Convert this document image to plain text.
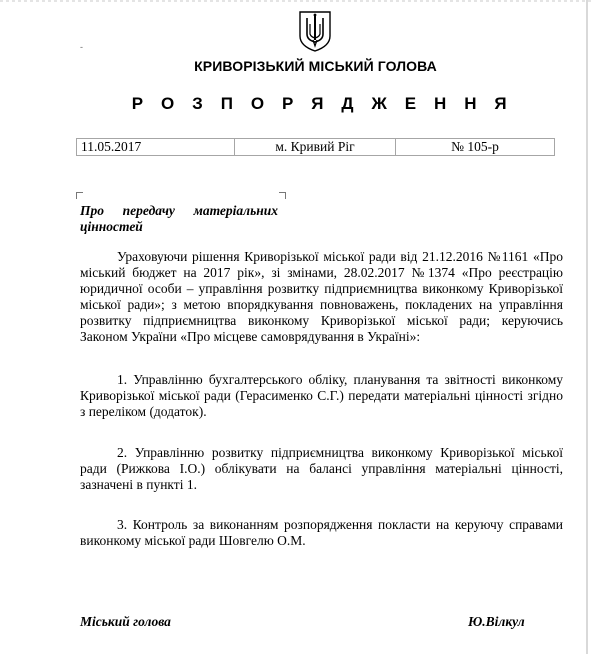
-
КРИВОРІЗЬКИЙ МІСЬКИЙ ГОЛОВА
Р О З П О Р Я Д Ж Е Н Н Я
11.05.2017	м. Кривий Ріг	№ 105-р
Про передачу матеріальних цінностей
Ураховуючи рішення Криворізької міської ради від 21.12.2016 №1161 «Про міський бюджет на 2017 рік», зі змінами, 28.02.2017 №1374 «Про реєстрацію юридичної особи – управління розвитку підприємництва виконкому Криворізької міської ради»; з метою впорядкування повноважень, покладених на управління розвитку підприємництва виконкому Криворізької міської ради; керуючись Законом України «Про місцеве самоврядування в Україні»:
1. Управлінню бухгалтерського обліку, планування та звітності виконкому Криворізької міської ради (Герасименко С.Г.) передати матеріальні цінності згідно з переліком (додаток).
2. Управлінню розвитку підприємництва виконкому Криворізької міської ради (Рижкова І.О.) облікувати на балансі управління матеріальні цінності, зазначені в пункті 1.
3. Контроль за виконанням розпорядження покласти на керуючу справами виконкому міської ради Шовгелю О.М.
Міський голова	Ю.Вілкул
